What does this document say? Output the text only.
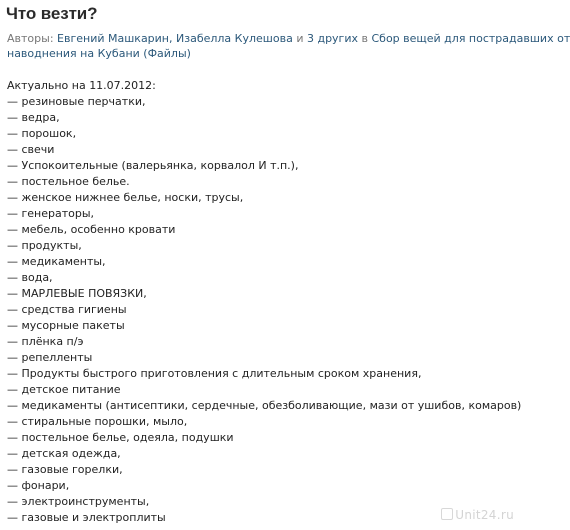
Что везти?
Авторы: Евгений Машкарин, Изабелла Кулешова и 3 других в Сбор вещей для пострадавших от
наводнения на Кубани (Файлы)
Актуально на 11.07.2012:
— резиновые перчатки,
— ведра,
— порошок,
— свечи
— Успокоительные (валерьянка, корвалол И т.п.),
— постельное белье.
— женское нижнее белье, носки, трусы,
— генераторы,
— мебель, особенно кровати
— продукты,
— медикаменты,
— вода,
— МАРЛЕВЫЕ ПОВЯЗКИ,
— средства гигиены
— мусорные пакеты
— плёнка п/э
— репелленты
— Продукты быстрого приготовления с длительным сроком хранения,
— детское питание
— медикаменты (антисептики, сердечные, обезболивающие, мази от ушибов, комаров)
— стиральные порошки, мыло,
— постельное белье, одеяла, подушки
— детская одежда,
— газовые горелки,
— фонари,
— электроинструменты,
— газовые и электроплиты	Unit24.ru
